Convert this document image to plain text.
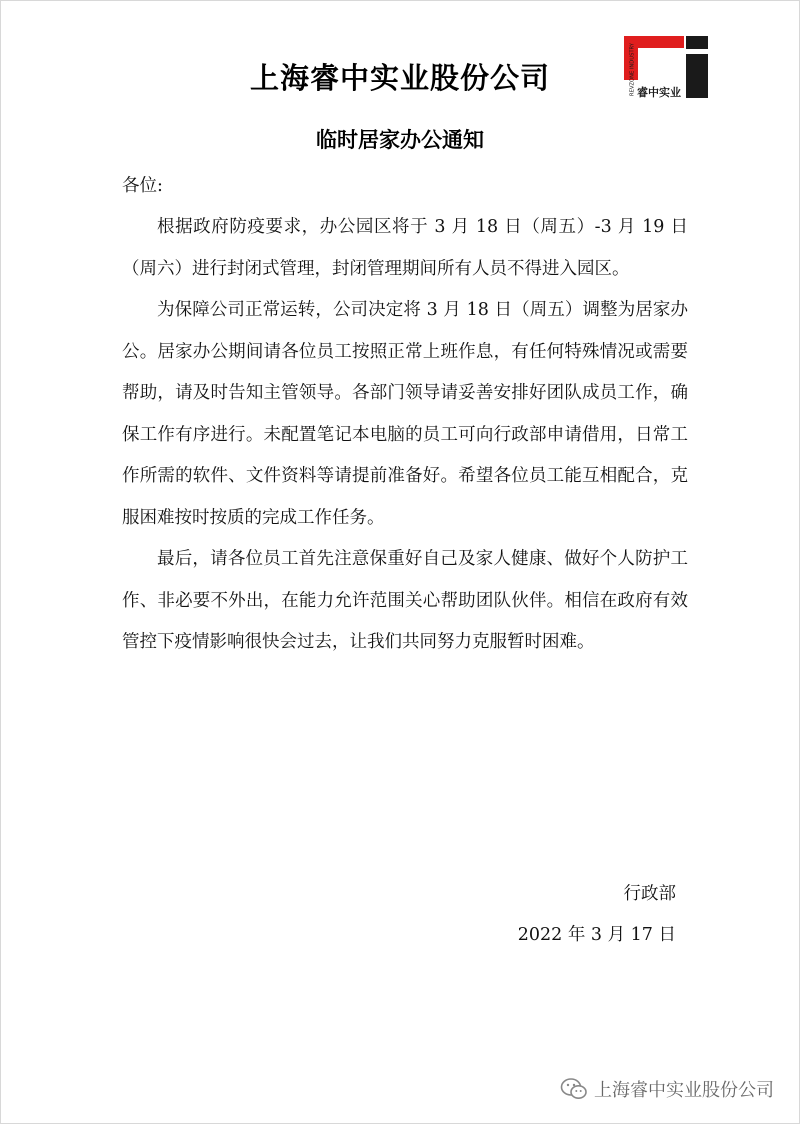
上海睿中实业股份公司	REVZONE INDUSTRY 睿中实业
临时居家办公通知

各位:

根据政府防疫要求，办公园区将于 3 月 18 日（周五）-3 月 19 日（周六）进行封闭式管理，封闭管理期间所有人员不得进入园区。

为保障公司正常运转，公司决定将 3 月 18 日（周五）调整为居家办公。居家办公期间请各位员工按照正常上班作息，有任何特殊情况或需要帮助，请及时告知主管领导。各部门领导请妥善安排好团队成员工作，确保工作有序进行。未配置笔记本电脑的员工可向行政部申请借用，日常工作所需的软件、文件资料等请提前准备好。希望各位员工能互相配合，克服困难按时按质的完成工作任务。

最后，请各位员工首先注意保重好自己及家人健康、做好个人防护工作、非必要不外出，在能力允许范围关心帮助团队伙伴。相信在政府有效管控下疫情影响很快会过去，让我们共同努力克服暂时困难。

行政部
2022 年 3 月 17 日
上海睿中实业股份公司
